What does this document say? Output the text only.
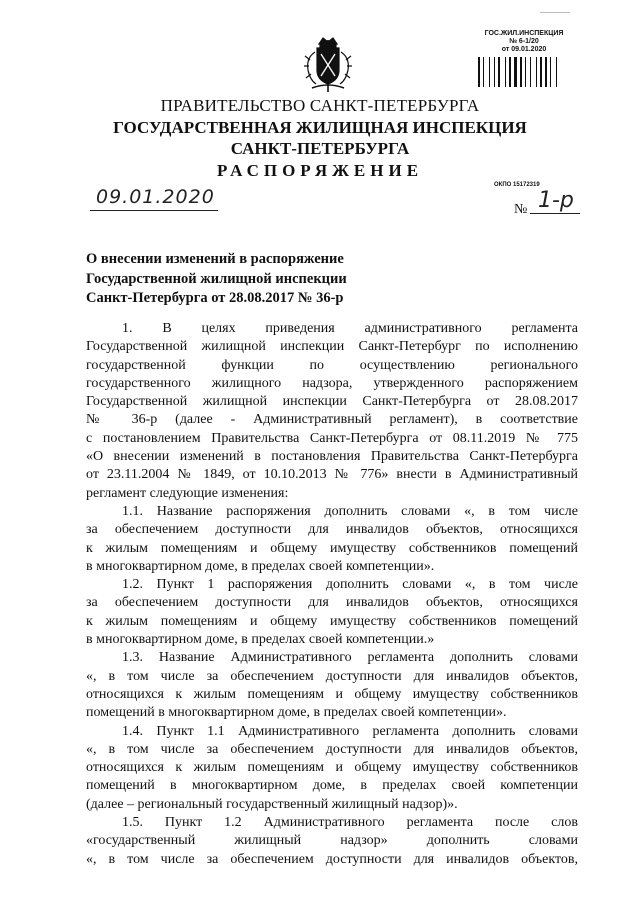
ГОС.ЖИЛ.ИНСПЕКЦИЯ
№ 6-1/20
от 09.01.2020
ПРАВИТЕЛЬСТВО САНКТ-ПЕТЕРБУРГА
ГОСУДАРСТВЕННАЯ ЖИЛИЩНАЯ ИНСПЕКЦИЯ
САНКТ-ПЕТЕРБУРГА
РАСПОРЯЖЕНИЕ
ОКПО 15172319
09.01.2020
№ 1-р
О внесении изменений в распоряжение
Государственной жилищной инспекции
Санкт-Петербурга от 28.08.2017 № 36-р
1. В целях приведения административного регламента
Государственной жилищной инспекции Санкт-Петербург по исполнению
государственной функции по осуществлению регионального
государственного жилищного надзора, утвержденного распоряжением
Государственной жилищной инспекции Санкт-Петербурга от 28.08.2017
№ 36-р (далее - Административный регламент), в соответствие
с постановлением Правительства Санкт-Петербурга от 08.11.2019 № 775
«О внесении изменений в постановления Правительства Санкт-Петербурга
от 23.11.2004 № 1849, от 10.10.2013 № 776» внести в Административный
регламент следующие изменения:
1.1. Название распоряжения дополнить словами «, в том числе
за обеспечением доступности для инвалидов объектов, относящихся
к жилым помещениям и общему имуществу собственников помещений
в многоквартирном доме, в пределах своей компетенции».
1.2. Пункт 1 распоряжения дополнить словами «, в том числе
за обеспечением доступности для инвалидов объектов, относящихся
к жилым помещениям и общему имуществу собственников помещений
в многоквартирном доме, в пределах своей компетенции.»
1.3. Название Административного регламента дополнить словами
«, в том числе за обеспечением доступности для инвалидов объектов,
относящихся к жилым помещениям и общему имуществу собственников
помещений в многоквартирном доме, в пределах своей компетенции».
1.4. Пункт 1.1 Административного регламента дополнить словами
«, в том числе за обеспечением доступности для инвалидов объектов,
относящихся к жилым помещениям и общему имуществу собственников
помещений в многоквартирном доме, в пределах своей компетенции
(далее – региональный государственный жилищный надзор)».
1.5. Пункт 1.2 Административного регламента после слов
«государственный жилищный надзор» дополнить словами
«, в том числе за обеспечением доступности для инвалидов объектов,
